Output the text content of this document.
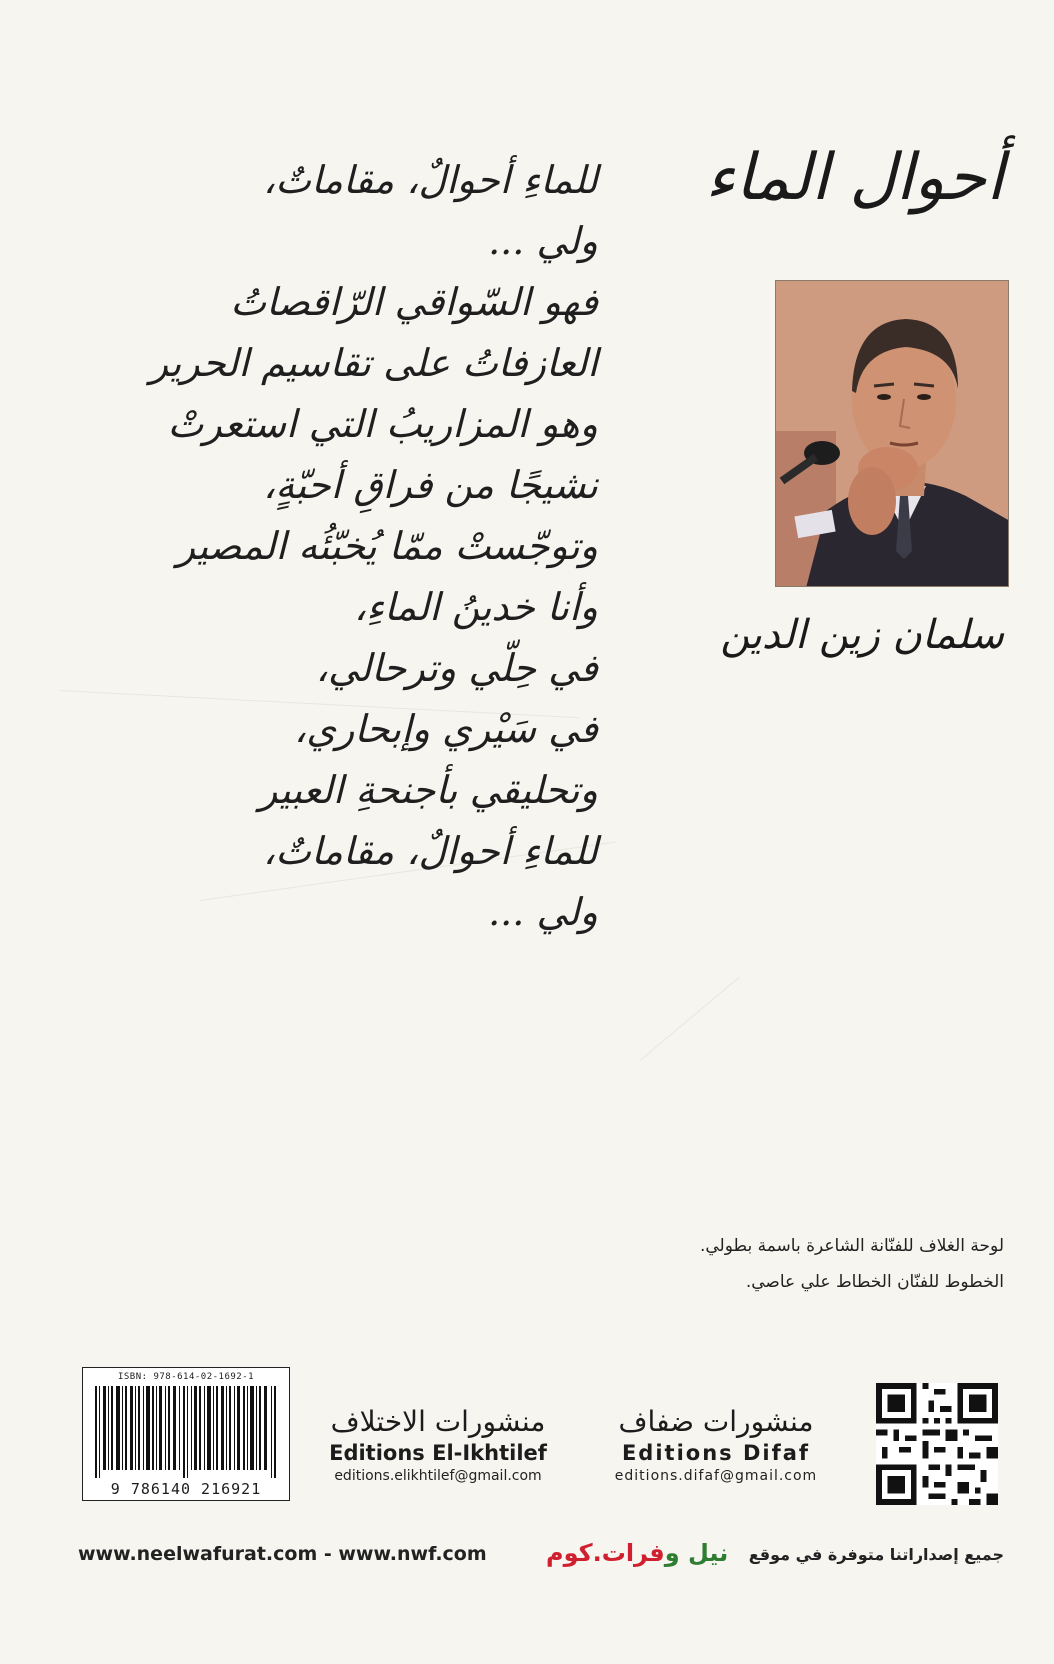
أحوال الماء
سلمان زين الدين
للماءِ أحوالٌ، مقاماتٌ،
ولي ...
فهو السّواقي الرّاقصاتُ
العازفاتُ على تقاسيم الحرير
وهو المزاريبُ التي استعرتْ
نشيجًا من فراقِ أحبّةٍ،
وتوجّستْ ممّا يُخبّئُه المصير
وأنا خدينُ الماءِ،
في حِلّي وترحالي،
في سَيْري وإبحاري،
وتحليقي بأجنحةِ العبير
للماءِ أحوالٌ، مقاماتٌ،
ولي ...
لوحة الغلاف للفنّانة الشاعرة باسمة بطولي.
الخطوط للفنّان الخطاط علي عاصي.
ISBN: 978-614-02-1692-1
9 786140 216921
منشورات الاختلاف
Editions El-Ikhtilef
editions.elikhtilef@gmail.com
منشورات ضفاف
Editions Difaf
editions.difaf@gmail.com
www.neelwafurat.com - www.nwf.com	نيل وفرات.كوم	جميع إصداراتنا متوفرة في موقع
